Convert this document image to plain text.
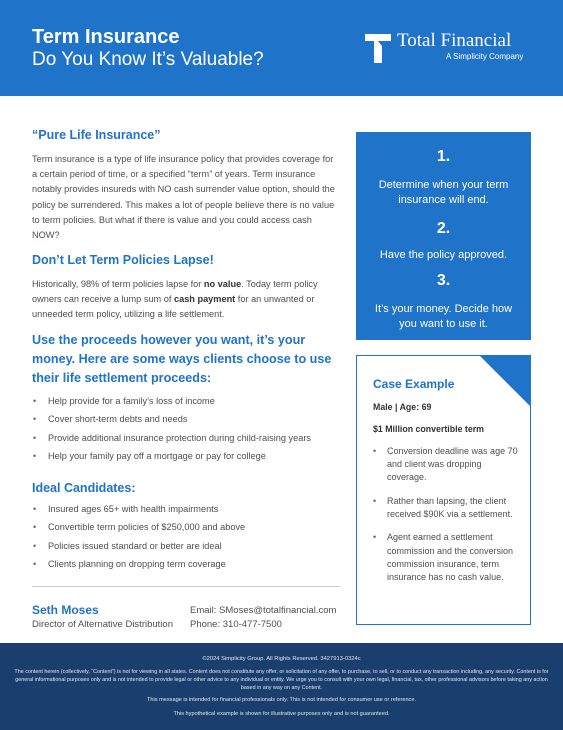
Term Insurance
Do You Know It’s Valuable?
Total Financial
A Simplicity Company
“Pure Life Insurance”
Term insurance is a type of life insurance policy that provides coverage for a certain period of time, or a specified “term” of years. Term insurance notably provides insureds with NO cash surrender value option, should the policy be surrendered. This makes a lot of people believe there is no value to term policies. But what if there is value and you could access cash NOW?
Don’t Let Term Policies Lapse!
Historically, 98% of term policies lapse for no value. Today term policy owners can receive a lump sum of cash payment for an unwanted or unneeded term policy, utilizing a life settlement.
Use the proceeds however you want, it’s your money. Here are some ways clients choose to use their life settlement proceeds:
• Help provide for a family’s loss of income
• Cover short-term debts and needs
• Provide additional insurance protection during child-raising years
• Help your family pay off a mortgage or pay for college
Ideal Candidates:
• Insured ages 65+ with health impairments
• Convertible term policies of $250,000 and above
• Policies issued standard or better are ideal
• Clients planning on dropping term coverage
Seth Moses
Director of Alternative Distribution
Email: SMoses@totalfinancial.com
Phone: 310-477-7500
1.
Determine when your term insurance will end.
2.
Have the policy approved.
3.
It’s your money. Decide how you want to use it.
Case Example
Male | Age: 69
$1 Million convertible term
• Conversion deadline was age 70 and client was dropping coverage.
• Rather than lapsing, the client received $90K via a settlement.
• Agent earned a settlement commission and the conversion commission insurance, term insurance has no cash value.
©2024 Simplicity Group. All Rights Reserved. 3427913-0324c
The content herein (collectively, “Content”) is not for viewing in all states. Content does not constitute any offer, or solicitation of any offer, to purchase, to sell, or to conduct any transaction including, any security. Content is for general informational purposes only and is not intended to provide legal or other advice to any individual or entity. We urge you to consult with your own legal, financial, tax, other professional advisors before taking any action based in any way on any Content.
This message is intended for financial professionals only. This is not intended for consumer use or reference.
This hypothetical example is shown for illustrative purposes only and is not guaranteed.
